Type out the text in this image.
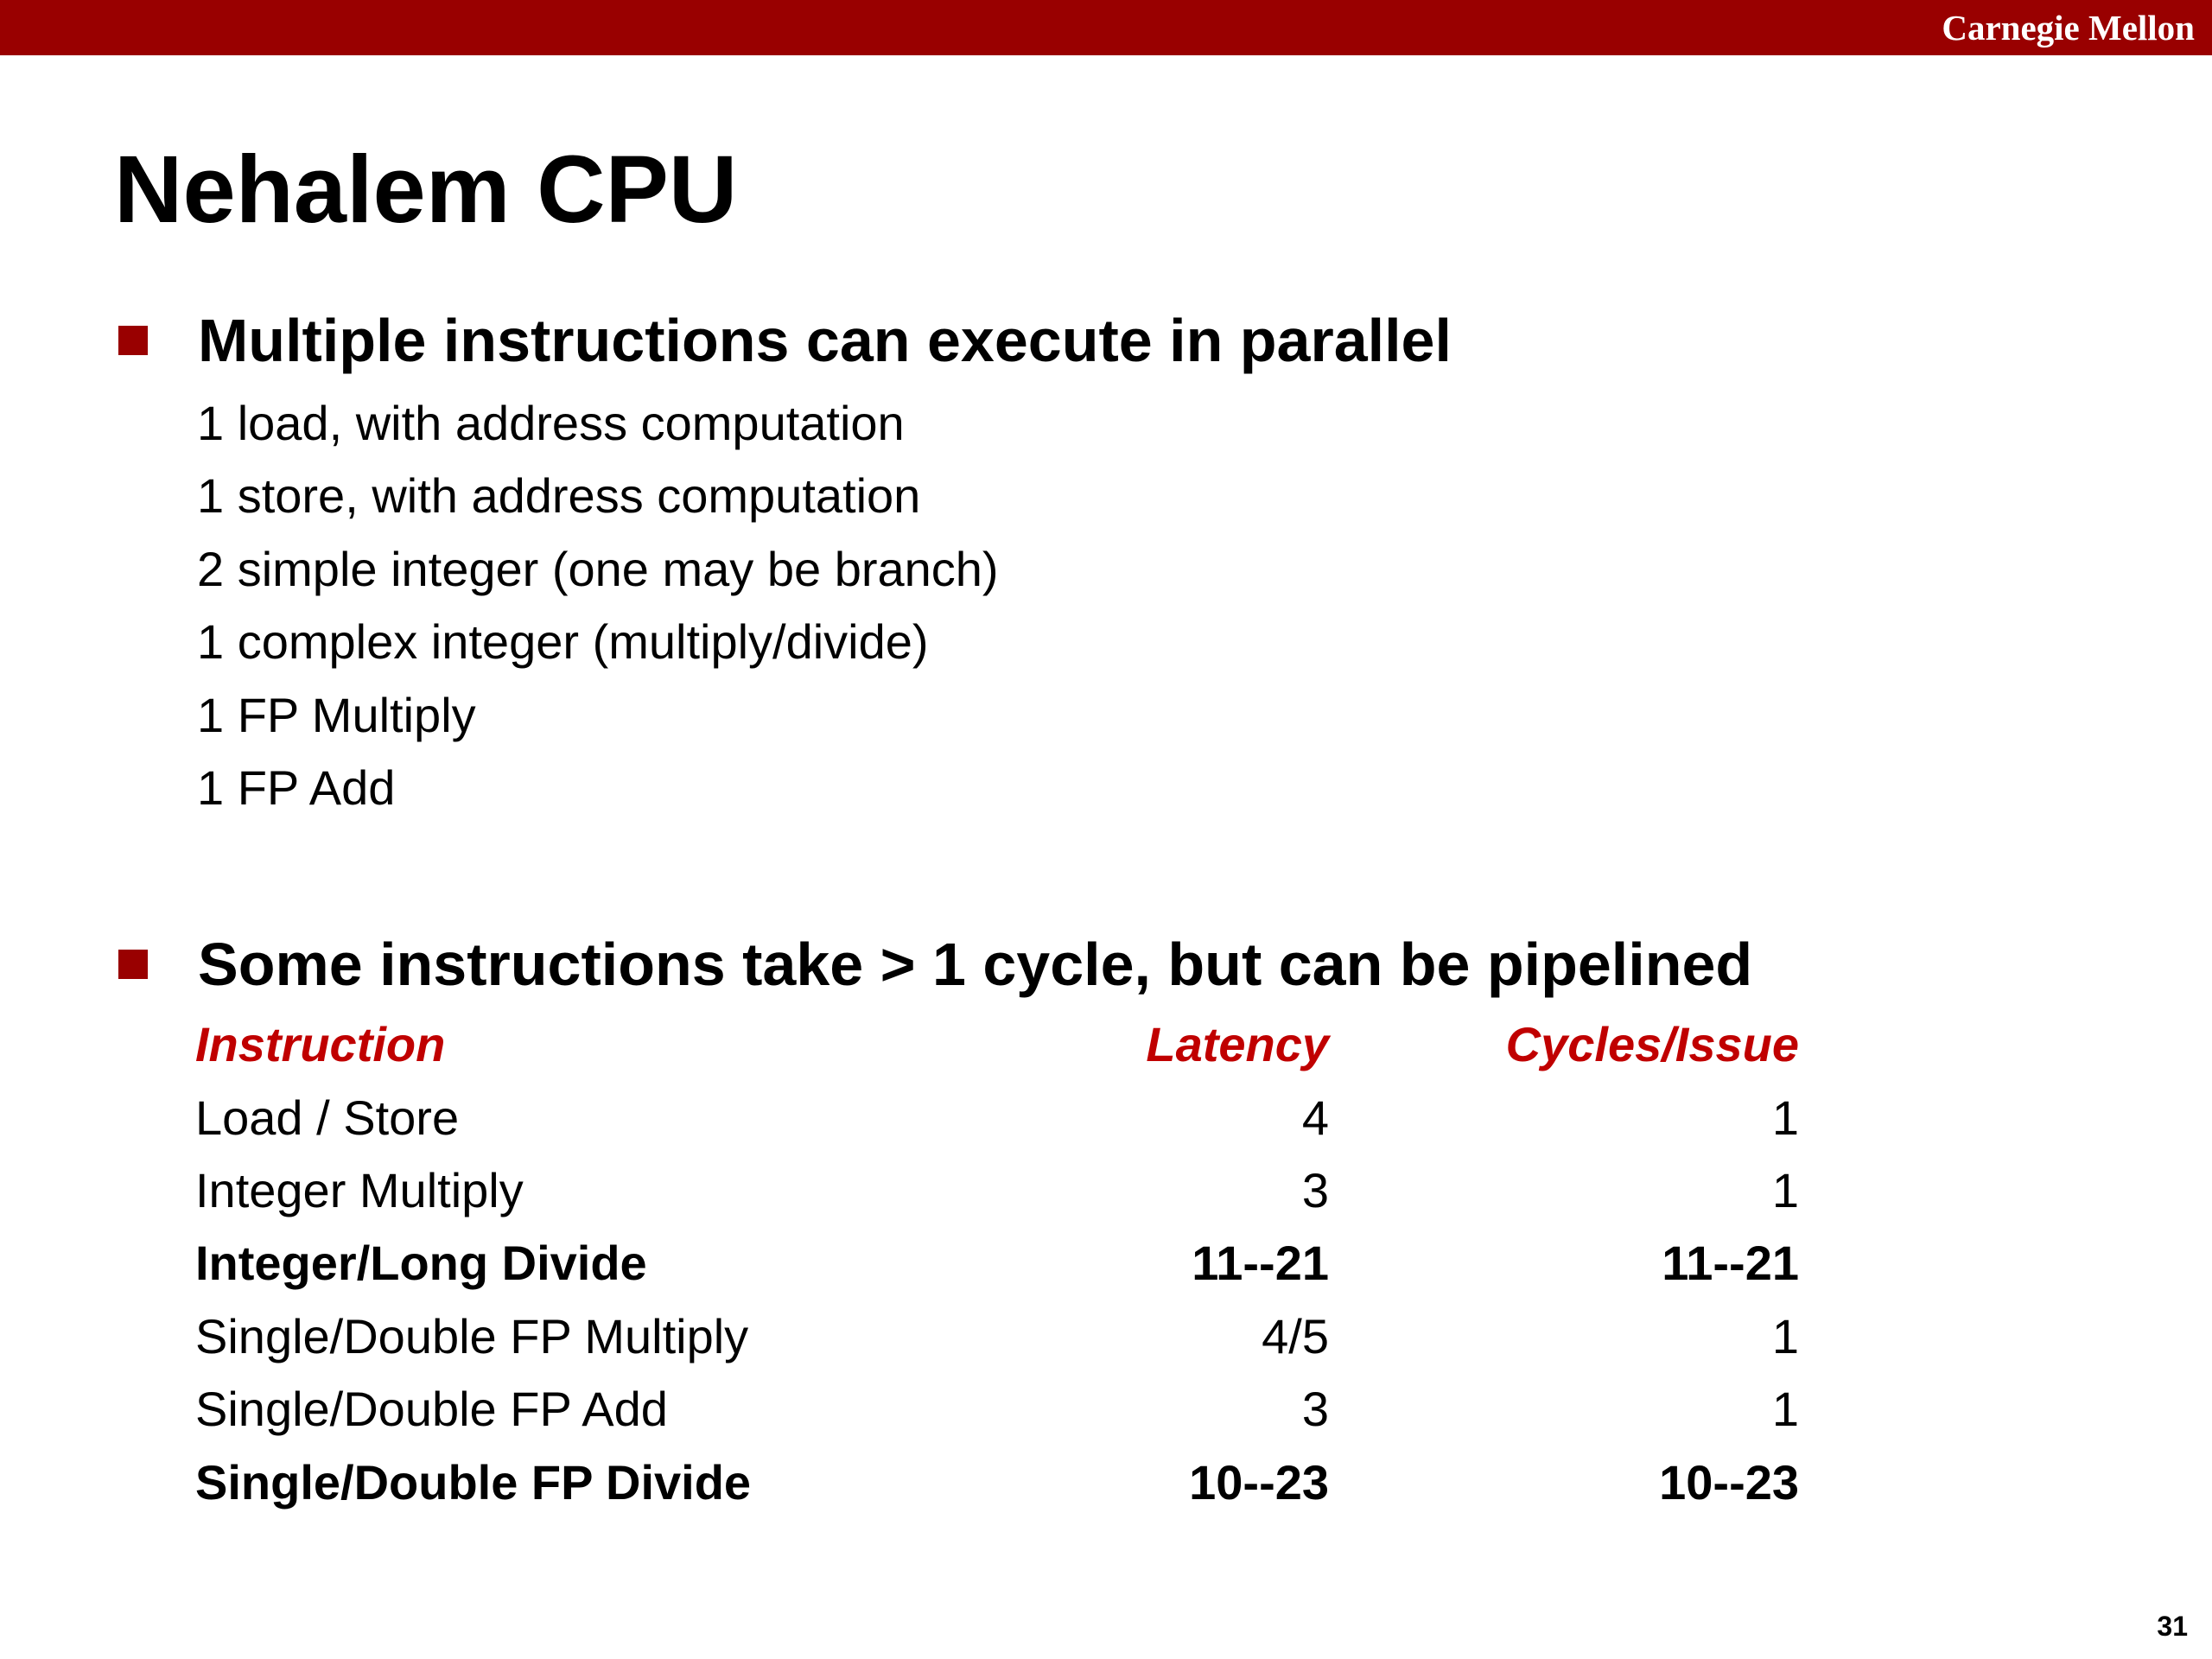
Carnegie Mellon
Nehalem CPU
Multiple instructions can execute in parallel
1 load, with address computation
1 store, with address computation
2 simple integer (one may be branch)
1 complex integer (multiply/divide)
1 FP Multiply
1 FP Add
Some instructions take > 1 cycle, but can be pipelined
Instruction	Latency	Cycles/Issue
Load / Store	4	1
Integer Multiply	3	1
Integer/Long Divide	11--21	11--21
Single/Double FP Multiply	4/5	1
Single/Double FP Add	3	1
Single/Double FP Divide	10--23	10--23
31
